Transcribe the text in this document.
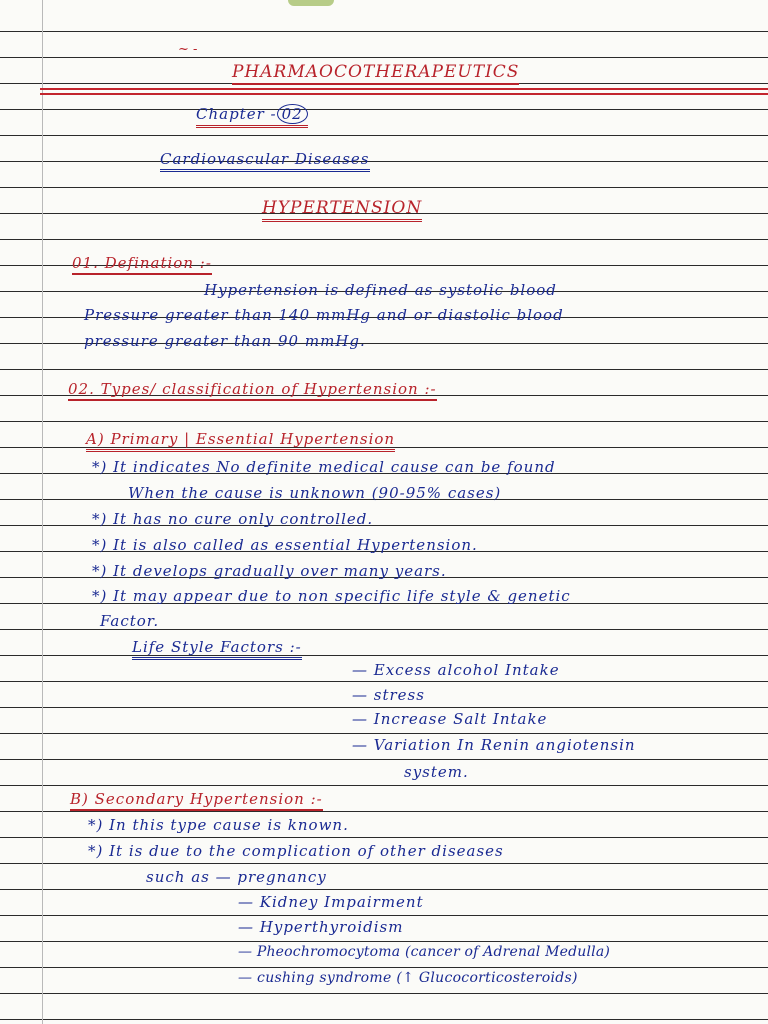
~ -
PHARMAOCOTHERAPEUTICS
Chapter - 02
Cardiovascular Diseases
HYPERTENSION
01. Defination :-
Hypertension is defined as systolic blood
Pressure greater than 140 mmHg and or diastolic blood
pressure greater than 90 mmHg.
02. Types/ classification of Hypertension :-
A) Primary | Essential Hypertension
*) It indicates No definite medical cause can be found
When the cause is unknown (90-95% cases)
*) It has no cure only controlled.
*) It is also called as essential Hypertension.
*) It develops gradually over many years.
*) It may appear due to non specific life style & genetic
Factor.
Life Style Factors :-
— Excess alcohol Intake
— stress
— Increase Salt Intake
— Variation In Renin angiotensin
system.
B) Secondary Hypertension :-
*) In this type cause is known.
*) It is due to the complication of other diseases
such as — pregnancy
— Kidney Impairment
— Hyperthyroidism
— Pheochromocytoma (cancer of Adrenal Medulla)
— cushing syndrome (↑ Glucocorticosteroids)
